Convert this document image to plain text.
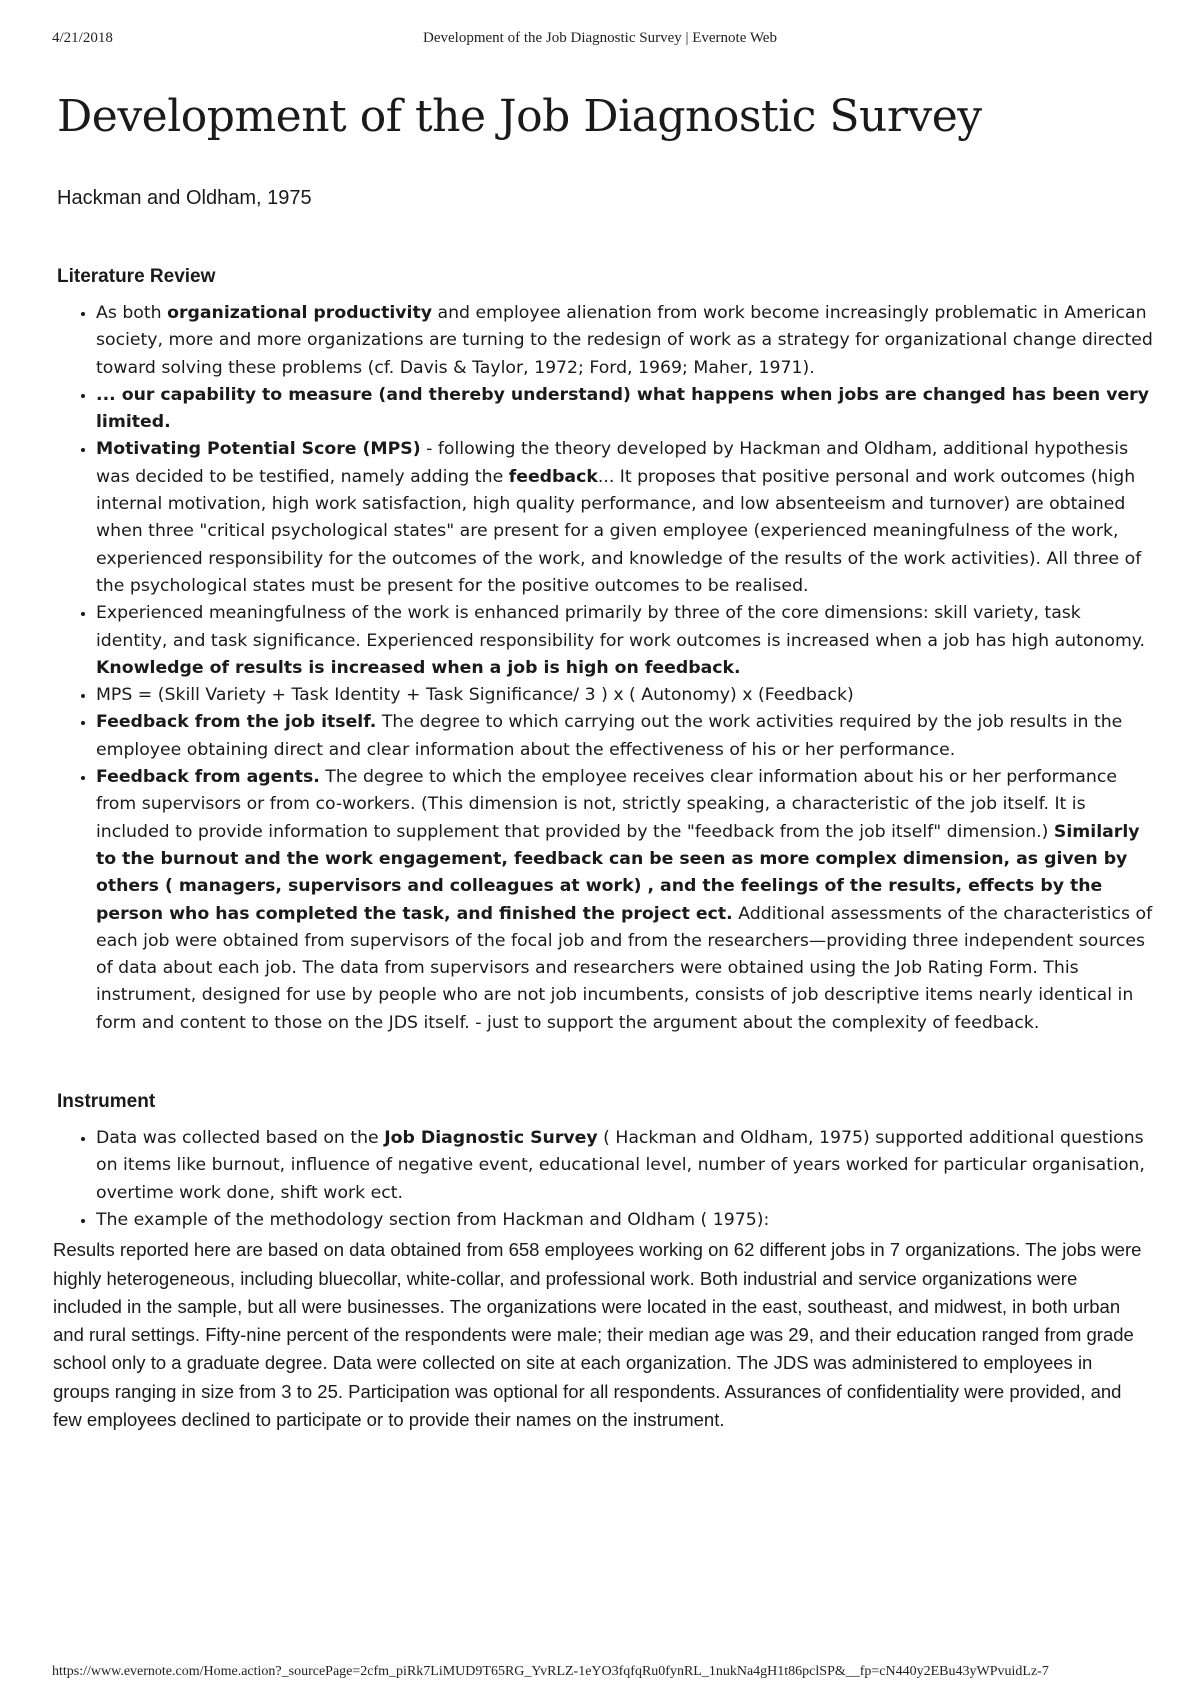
4/21/2018	Development of the Job Diagnostic Survey | Evernote Web
Development of the Job Diagnostic Survey
Hackman and Oldham, 1975
Literature Review
• As both organizational productivity and employee alienation from work become increasingly problematic in American society, more and more organizations are turning to the redesign of work as a strategy for organizational change directed toward solving these problems (cf. Davis & Taylor, 1972; Ford, 1969; Maher, 1971).
• ... our capability to measure (and thereby understand) what happens when jobs are changed has been very limited.
• Motivating Potential Score (MPS) - following the theory developed by Hackman and Oldham, additional hypothesis was decided to be testified, namely adding the feedback... It proposes that positive personal and work outcomes (high internal motivation, high work satisfaction, high quality performance, and low absenteeism and turnover) are obtained when three "critical psychological states" are present for a given employee (experienced meaningfulness of the work, experienced responsibility for the outcomes of the work, and knowledge of the results of the work activities). All three of the psychological states must be present for the positive outcomes to be realised.
• Experienced meaningfulness of the work is enhanced primarily by three of the core dimensions: skill variety, task identity, and task significance. Experienced responsibility for work outcomes is increased when a job has high autonomy. Knowledge of results is increased when a job is high on feedback.
• MPS = (Skill Variety + Task Identity + Task Significance/ 3 ) x ( Autonomy) x (Feedback)
• Feedback from the job itself. The degree to which carrying out the work activities required by the job results in the employee obtaining direct and clear information about the effectiveness of his or her performance.
• Feedback from agents. The degree to which the employee receives clear information about his or her performance from supervisors or from co-workers. (This dimension is not, strictly speaking, a characteristic of the job itself. It is included to provide information to supplement that provided by the "feedback from the job itself" dimension.) Similarly to the burnout and the work engagement, feedback can be seen as more complex dimension, as given by others ( managers, supervisors and colleagues at work) , and the feelings of the results, effects by the person who has completed the task, and finished the project ect. Additional assessments of the characteristics of each job were obtained from supervisors of the focal job and from the researchers—providing three independent sources of data about each job. The data from supervisors and researchers were obtained using the Job Rating Form. This instrument, designed for use by people who are not job incumbents, consists of job descriptive items nearly identical in form and content to those on the JDS itself. - just to support the argument about the complexity of feedback.
Instrument
• Data was collected based on the Job Diagnostic Survey ( Hackman and Oldham, 1975) supported additional questions on items like burnout, influence of negative event, educational level, number of years worked for particular organisation, overtime work done, shift work ect.
• The example of the methodology section from Hackman and Oldham ( 1975):

Results reported here are based on data obtained from 658 employees working on 62 different jobs in 7 organizations. The jobs were highly heterogeneous, including bluecollar, white-collar, and professional work. Both industrial and service organizations were included in the sample, but all were businesses. The organizations were located in the east, southeast, and midwest, in both urban and rural settings. Fifty-nine percent of the respondents were male; their median age was 29, and their education ranged from grade school only to a graduate degree. Data were collected on site at each organization. The JDS was administered to employees in groups ranging in size from 3 to 25. Participation was optional for all respondents. Assurances of confidentiality were provided, and few employees declined to participate or to provide their names on the instrument.

https://www.evernote.com/Home.action?_sourcePage=2cfm_piRk7LiMUD9T65RG_YvRLZ-1eYO3fqfqRu0fynRL_1nukNa4gH1t86pclSP&__fp=cN440y2EBu43yWPvuidLz-7
